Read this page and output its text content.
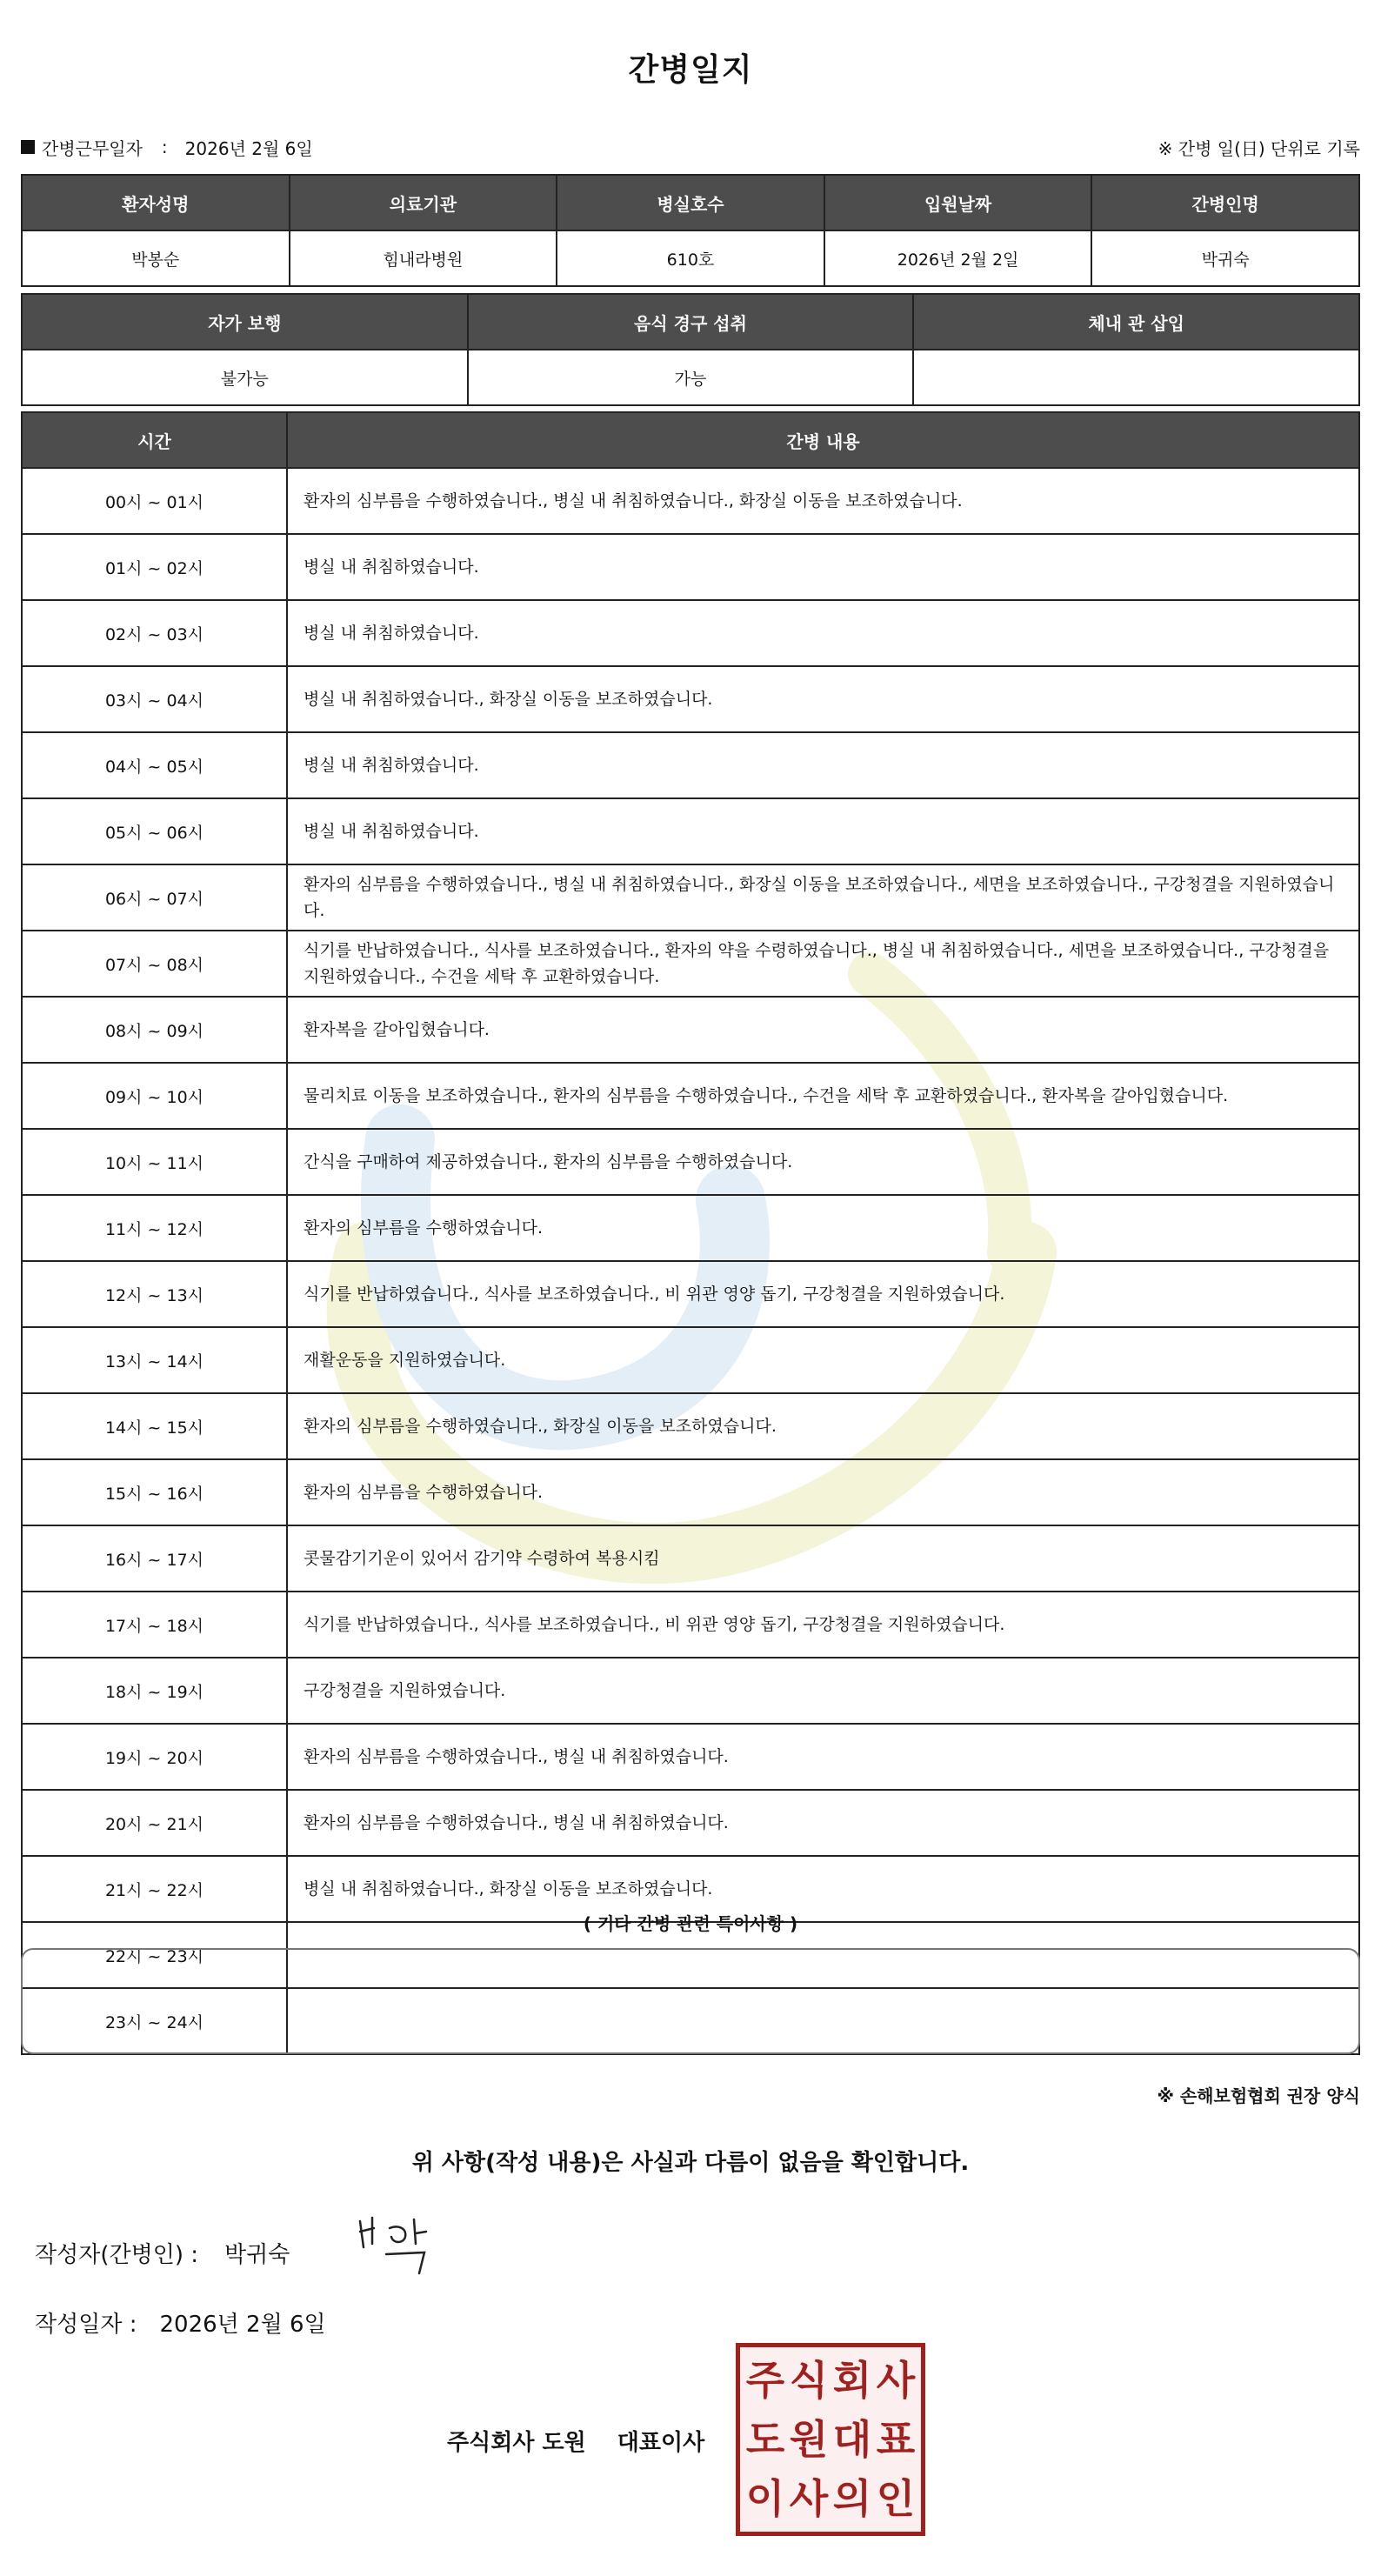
간병일지
간병근무일자 : 2026년 2월 6일	※ 간병 일(日) 단위로 기록
환자성명	의료기관	병실호수	입원날짜	간병인명
박봉순	힘내라병원	610호	2026년 2월 2일	박귀숙
자가 보행	음식 경구 섭취	체내 관 삽입
불가능	가능	
시간	간병 내용
00시 ~ 01시	환자의 심부름을 수행하였습니다., 병실 내 취침하였습니다., 화장실 이동을 보조하였습니다.
01시 ~ 02시	병실 내 취침하였습니다.
02시 ~ 03시	병실 내 취침하였습니다.
03시 ~ 04시	병실 내 취침하였습니다., 화장실 이동을 보조하였습니다.
04시 ~ 05시	병실 내 취침하였습니다.
05시 ~ 06시	병실 내 취침하였습니다.
06시 ~ 07시	환자의 심부름을 수행하였습니다., 병실 내 취침하였습니다., 화장실 이동을 보조하였습니다., 세면을 보조하였습니다., 구강청결을 지원하였습니다.
07시 ~ 08시	식기를 반납하였습니다., 식사를 보조하였습니다., 환자의 약을 수령하였습니다., 병실 내 취침하였습니다., 세면을 보조하였습니다., 구강청결을 지원하였습니다., 수건을 세탁 후 교환하였습니다.
08시 ~ 09시	환자복을 갈아입혔습니다.
09시 ~ 10시	물리치료 이동을 보조하였습니다., 환자의 심부름을 수행하였습니다., 수건을 세탁 후 교환하였습니다., 환자복을 갈아입혔습니다.
10시 ~ 11시	간식을 구매하여 제공하였습니다., 환자의 심부름을 수행하였습니다.
11시 ~ 12시	환자의 심부름을 수행하였습니다.
12시 ~ 13시	식기를 반납하였습니다., 식사를 보조하였습니다., 비 위관 영양 돕기, 구강청결을 지원하였습니다.
13시 ~ 14시	재활운동을 지원하였습니다.
14시 ~ 15시	환자의 심부름을 수행하였습니다., 화장실 이동을 보조하였습니다.
15시 ~ 16시	환자의 심부름을 수행하였습니다.
16시 ~ 17시	콧물감기기운이 있어서 감기약 수령하여 복용시킴
17시 ~ 18시	식기를 반납하였습니다., 식사를 보조하였습니다., 비 위관 영양 돕기, 구강청결을 지원하였습니다.
18시 ~ 19시	구강청결을 지원하였습니다.
19시 ~ 20시	환자의 심부름을 수행하였습니다., 병실 내 취침하였습니다.
20시 ~ 21시	환자의 심부름을 수행하였습니다., 병실 내 취침하였습니다.
21시 ~ 22시	병실 내 취침하였습니다., 화장실 이동을 보조하였습니다.
22시 ~ 23시	
23시 ~ 24시	
( 기타 간병 관련 특이사항 )
※ 손해보험협회 권장 양식
위 사항(작성 내용)은 사실과 다름이 없음을 확인합니다.
작성자(간병인) : 박귀숙
작성일자 : 2026년 2월 6일
주식회사 도원 대표이사
주 식 회 사
도 원 대 표
이 사 의 인
